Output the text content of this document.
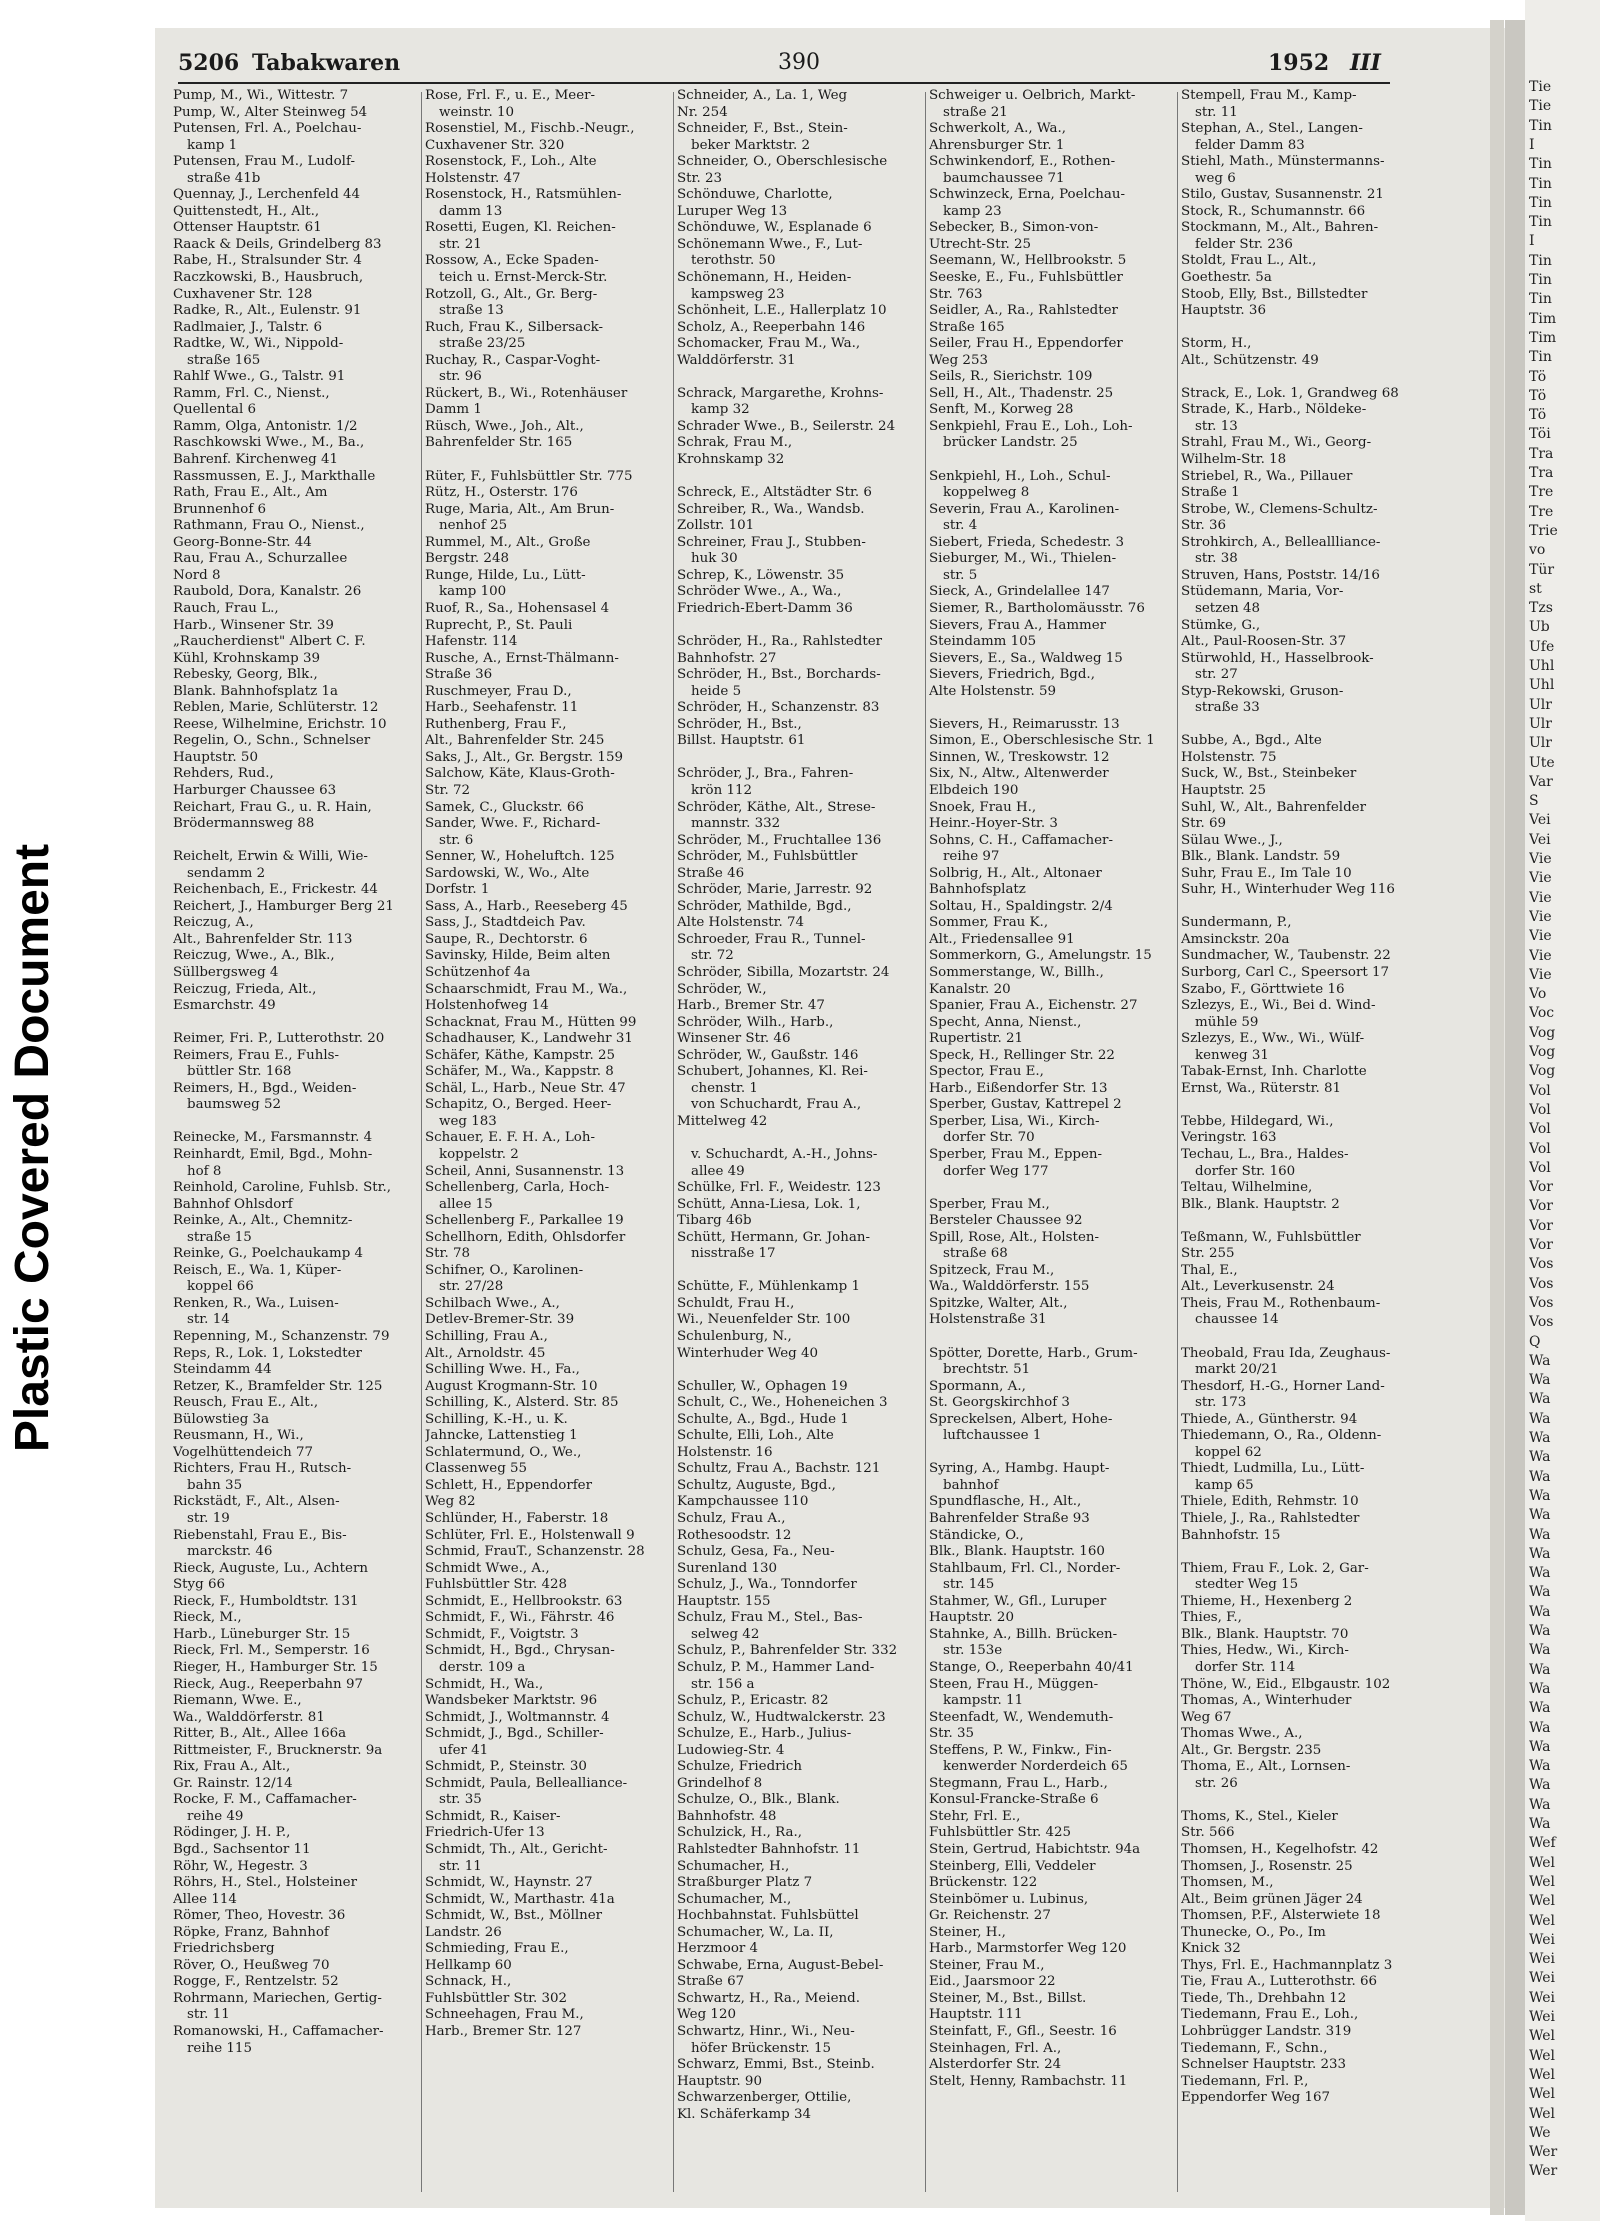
Plastic Covered Document
Tie
Tie
Tin
I
Tin
Tin
Tin
Tin
I
Tin
Tin
Tin
Tim
Tim
Tin
Tö
Tö
Tö
Töi
Tra
Tra
Tre
Tre
Trie
vo
Tür
st
Tzs
Ub
Ufe
Uhl
Uhl
Ulr
Ulr
Ulr
Ute
Var
S
Vei
Vei
Vie
Vie
Vie
Vie
Vie
Vie
Vie
Vo
Voc
Vog
Vog
Vog
Vol
Vol
Vol
Vol
Vol
Vor
Vor
Vor
Vor
Vos
Vos
Vos
Vos
Q
Wa
Wa
Wa
Wa
Wa
Wa
Wa
Wa
Wa
Wa
Wa
Wa
Wa
Wa
Wa
Wa
Wa
Wa
Wa
Wa
Wa
Wa
Wa
Wa
Wa
Wef
Wel
Wel
Wel
Wel
Wei
Wei
Wei
Wei
Wei
Wel
Wel
Wel
Wel
Wel
We
Wer
Wer
5206 Tabakwaren	390	1952 III
Pump, M., Wi., Wittestr. 7
Pump, W., Alter Steinweg 54
Putensen, Frl. A., Poelchau-
kamp 1
Putensen, Frau M., Ludolf-
straße 41b
Quennay, J., Lerchenfeld 44
Quittenstedt, H., Alt.,
Ottenser Hauptstr. 61
Raack & Deils, Grindelberg 83
Rabe, H., Stralsunder Str. 4
Raczkowski, B., Hausbruch,
Cuxhavener Str. 128
Radke, R., Alt., Eulenstr. 91
Radlmaier, J., Talstr. 6
Radtke, W., Wi., Nippold-
straße 165
Rahlf Wwe., G., Talstr. 91
Ramm, Frl. C., Nienst.,
Quellental 6
Ramm, Olga, Antonistr. 1/2
Raschkowski Wwe., M., Ba.,
Bahrenf. Kirchenweg 41
Rassmussen, E. J., Markthalle
Rath, Frau E., Alt., Am
Brunnenhof 6
Rathmann, Frau O., Nienst.,
Georg-Bonne-Str. 44
Rau, Frau A., Schurzallee
Nord 8
Raubold, Dora, Kanalstr. 26
Rauch, Frau L.,
Harb., Winsener Str. 39
„Raucherdienst" Albert C. F.
Kühl, Krohnskamp 39
Rebesky, Georg, Blk.,
Blank. Bahnhofsplatz 1a
Reblen, Marie, Schlüterstr. 12
Reese, Wilhelmine, Erichstr. 10
Regelin, O., Schn., Schnelser
Hauptstr. 50
Rehders, Rud.,
Harburger Chaussee 63
Reichart, Frau G., u. R. Hain,
Brödermannsweg 88
Reichelt, Erwin & Willi, Wie-
sendamm 2
Reichenbach, E., Frickestr. 44
Reichert, J., Hamburger Berg 21
Reiczug, A.,
Alt., Bahrenfelder Str. 113
Reiczug, Wwe., A., Blk.,
Süllbergsweg 4
Reiczug, Frieda, Alt.,
Esmarchstr. 49
Reimer, Fri. P., Lutterothstr. 20
Reimers, Frau E., Fuhls-
büttler Str. 168
Reimers, H., Bgd., Weiden-
baumsweg 52
Reinecke, M., Farsmannstr. 4
Reinhardt, Emil, Bgd., Mohn-
hof 8
Reinhold, Caroline, Fuhlsb. Str.,
Bahnhof Ohlsdorf
Reinke, A., Alt., Chemnitz-
straße 15
Reinke, G., Poelchaukamp 4
Reisch, E., Wa. 1, Küper-
koppel 66
Renken, R., Wa., Luisen-
str. 14
Repenning, M., Schanzenstr. 79
Reps, R., Lok. 1, Lokstedter
Steindamm 44
Retzer, K., Bramfelder Str. 125
Reusch, Frau E., Alt.,
Bülowstieg 3a
Reusmann, H., Wi.,
Vogelhüttendeich 77
Richters, Frau H., Rutsch-
bahn 35
Rickstädt, F., Alt., Alsen-
str. 19
Riebenstahl, Frau E., Bis-
marckstr. 46
Rieck, Auguste, Lu., Achtern
Styg 66
Rieck, F., Humboldtstr. 131
Rieck, M.,
Harb., Lüneburger Str. 15
Rieck, Frl. M., Semperstr. 16
Rieger, H., Hamburger Str. 15
Rieck, Aug., Reeperbahn 97
Riemann, Wwe. E.,
Wa., Walddörferstr. 81
Ritter, B., Alt., Allee 166a
Rittmeister, F., Brucknerstr. 9a
Rix, Frau A., Alt.,
Gr. Rainstr. 12/14
Rocke, F. M., Caffamacher-
reihe 49
Rödinger, J. H. P.,
Bgd., Sachsentor 11
Röhr, W., Hegestr. 3
Röhrs, H., Stel., Holsteiner
Allee 114
Römer, Theo, Hovestr. 36
Röpke, Franz, Bahnhof
Friedrichsberg
Röver, O., Heußweg 70
Rogge, F., Rentzelstr. 52
Rohrmann, Mariechen, Gertig-
str. 11
Romanowski, H., Caffamacher-
reihe 115
Rose, Frl. F., u. E., Meer-
weinstr. 10
Rosenstiel, M., Fischb.-Neugr.,
Cuxhavener Str. 320
Rosenstock, F., Loh., Alte
Holstenstr. 47
Rosenstock, H., Ratsmühlen-
damm 13
Rosetti, Eugen, Kl. Reichen-
str. 21
Rossow, A., Ecke Spaden-
teich u. Ernst-Merck-Str.
Rotzoll, G., Alt., Gr. Berg-
straße 13
Ruch, Frau K., Silbersack-
straße 23/25
Ruchay, R., Caspar-Voght-
str. 96
Rückert, B., Wi., Rotenhäuser
Damm 1
Rüsch, Wwe., Joh., Alt.,
Bahrenfelder Str. 165
Rüter, F., Fuhlsbüttler Str. 775
Rütz, H., Osterstr. 176
Ruge, Maria, Alt., Am Brun-
nenhof 25
Rummel, M., Alt., Große
Bergstr. 248
Runge, Hilde, Lu., Lütt-
kamp 100
Ruof, R., Sa., Hohensasel 4
Ruprecht, P., St. Pauli
Hafenstr. 114
Rusche, A., Ernst-Thälmann-
Straße 36
Ruschmeyer, Frau D.,
Harb., Seehafenstr. 11
Ruthenberg, Frau F.,
Alt., Bahrenfelder Str. 245
Saks, J., Alt., Gr. Bergstr. 159
Salchow, Käte, Klaus-Groth-
Str. 72
Samek, C., Gluckstr. 66
Sander, Wwe. F., Richard-
str. 6
Senner, W., Hoheluftch. 125
Sardowski, W., Wo., Alte
Dorfstr. 1
Sass, A., Harb., Reeseberg 45
Sass, J., Stadtdeich Pav.
Saupe, R., Dechtorstr. 6
Savinsky, Hilde, Beim alten
Schützenhof 4a
Schaarschmidt, Frau M., Wa.,
Holstenhofweg 14
Schacknat, Frau M., Hütten 99
Schadhauser, K., Landwehr 31
Schäfer, Käthe, Kampstr. 25
Schäfer, M., Wa., Kappstr. 8
Schäl, L., Harb., Neue Str. 47
Schapitz, O., Berged. Heer-
weg 183
Schauer, E. F. H. A., Loh-
koppelstr. 2
Scheil, Anni, Susannenstr. 13
Schellenberg, Carla, Hoch-
allee 15
Schellenberg F., Parkallee 19
Schellhorn, Edith, Ohlsdorfer
Str. 78
Schifner, O., Karolinen-
str. 27/28
Schilbach Wwe., A.,
Detlev-Bremer-Str. 39
Schilling, Frau A.,
Alt., Arnoldstr. 45
Schilling Wwe. H., Fa.,
August Krogmann-Str. 10
Schilling, K., Alsterd. Str. 85
Schilling, K.-H., u. K.
Jahncke, Lattenstieg 1
Schlatermund, O., We.,
Classenweg 55
Schlett, H., Eppendorfer
Weg 82
Schlünder, H., Faberstr. 18
Schlüter, Frl. E., Holstenwall 9
Schmid, FrauT., Schanzenstr. 28
Schmidt Wwe., A.,
Fuhlsbüttler Str. 428
Schmidt, E., Hellbrookstr. 63
Schmidt, F., Wi., Fährstr. 46
Schmidt, F., Voigtstr. 3
Schmidt, H., Bgd., Chrysan-
derstr. 109 a
Schmidt, H., Wa.,
Wandsbeker Marktstr. 96
Schmidt, J., Woltmannstr. 4
Schmidt, J., Bgd., Schiller-
ufer 41
Schmidt, P., Steinstr. 30
Schmidt, Paula, Bellealliance-
str. 35
Schmidt, R., Kaiser-
Friedrich-Ufer 13
Schmidt, Th., Alt., Gericht-
str. 11
Schmidt, W., Haynstr. 27
Schmidt, W., Marthastr. 41a
Schmidt, W., Bst., Möllner
Landstr. 26
Schmieding, Frau E.,
Hellkamp 60
Schnack, H.,
Fuhlsbüttler Str. 302
Schneehagen, Frau M.,
Harb., Bremer Str. 127
Schneider, A., La. 1, Weg
Nr. 254
Schneider, F., Bst., Stein-
beker Marktstr. 2
Schneider, O., Oberschlesische
Str. 23
Schönduwe, Charlotte,
Luruper Weg 13
Schönduwe, W., Esplanade 6
Schönemann Wwe., F., Lut-
terothstr. 50
Schönemann, H., Heiden-
kampsweg 23
Schönheit, L.E., Hallerplatz 10
Scholz, A., Reeperbahn 146
Schomacker, Frau M., Wa.,
Walddörferstr. 31
Schrack, Margarethe, Krohns-
kamp 32
Schrader Wwe., B., Seilerstr. 24
Schrak, Frau M.,
Krohnskamp 32
Schreck, E., Altstädter Str. 6
Schreiber, R., Wa., Wandsb.
Zollstr. 101
Schreiner, Frau J., Stubben-
huk 30
Schrep, K., Löwenstr. 35
Schröder Wwe., A., Wa.,
Friedrich-Ebert-Damm 36
Schröder, H., Ra., Rahlstedter
Bahnhofstr. 27
Schröder, H., Bst., Borchards-
heide 5
Schröder, H., Schanzenstr. 83
Schröder, H., Bst.,
Billst. Hauptstr. 61
Schröder, J., Bra., Fahren-
krön 112
Schröder, Käthe, Alt., Strese-
mannstr. 332
Schröder, M., Fruchtallee 136
Schröder, M., Fuhlsbüttler
Straße 46
Schröder, Marie, Jarrestr. 92
Schröder, Mathilde, Bgd.,
Alte Holstenstr. 74
Schroeder, Frau R., Tunnel-
str. 72
Schröder, Sibilla, Mozartstr. 24
Schröder, W.,
Harb., Bremer Str. 47
Schröder, Wilh., Harb.,
Winsener Str. 46
Schröder, W., Gaußstr. 146
Schubert, Johannes, Kl. Rei-
chenstr. 1
von Schuchardt, Frau A.,
Mittelweg 42
v. Schuchardt, A.-H., Johns-
allee 49
Schülke, Frl. F., Weidestr. 123
Schütt, Anna-Liesa, Lok. 1,
Tibarg 46b
Schütt, Hermann, Gr. Johan-
nisstraße 17
Schütte, F., Mühlenkamp 1
Schuldt, Frau H.,
Wi., Neuenfelder Str. 100
Schulenburg, N.,
Winterhuder Weg 40
Schuller, W., Ophagen 19
Schult, C., We., Hoheneichen 3
Schulte, A., Bgd., Hude 1
Schulte, Elli, Loh., Alte
Holstenstr. 16
Schultz, Frau A., Bachstr. 121
Schultz, Auguste, Bgd.,
Kampchaussee 110
Schulz, Frau A.,
Rothesoodstr. 12
Schulz, Gesa, Fa., Neu-
Surenland 130
Schulz, J., Wa., Tonndorfer
Hauptstr. 155
Schulz, Frau M., Stel., Bas-
selweg 42
Schulz, P., Bahrenfelder Str. 332
Schulz, P. M., Hammer Land-
str. 156 a
Schulz, P., Ericastr. 82
Schulz, W., Hudtwalckerstr. 23
Schulze, E., Harb., Julius-
Ludowieg-Str. 4
Schulze, Friedrich
Grindelhof 8
Schulze, O., Blk., Blank.
Bahnhofstr. 48
Schulzick, H., Ra.,
Rahlstedter Bahnhofstr. 11
Schumacher, H.,
Straßburger Platz 7
Schumacher, M.,
Hochbahnstat. Fuhlsbüttel
Schumacher, W., La. II,
Herzmoor 4
Schwabe, Erna, August-Bebel-
Straße 67
Schwartz, H., Ra., Meiend.
Weg 120
Schwartz, Hinr., Wi., Neu-
höfer Brückenstr. 15
Schwarz, Emmi, Bst., Steinb.
Hauptstr. 90
Schwarzenberger, Ottilie,
Kl. Schäferkamp 34
Schweiger u. Oelbrich, Markt-
straße 21
Schwerkolt, A., Wa.,
Ahrensburger Str. 1
Schwinkendorf, E., Rothen-
baumchaussee 71
Schwinzeck, Erna, Poelchau-
kamp 23
Sebecker, B., Simon-von-
Utrecht-Str. 25
Seemann, W., Hellbrookstr. 5
Seeske, E., Fu., Fuhlsbüttler
Str. 763
Seidler, A., Ra., Rahlstedter
Straße 165
Seiler, Frau H., Eppendorfer
Weg 253
Seils, R., Sierichstr. 109
Sell, H., Alt., Thadenstr. 25
Senft, M., Korweg 28
Senkpiehl, Frau E., Loh., Loh-
brücker Landstr. 25
Senkpiehl, H., Loh., Schul-
koppelweg 8
Severin, Frau A., Karolinen-
str. 4
Siebert, Frieda, Schedestr. 3
Sieburger, M., Wi., Thielen-
str. 5
Sieck, A., Grindelallee 147
Siemer, R., Bartholomäusstr. 76
Sievers, Frau A., Hammer
Steindamm 105
Sievers, E., Sa., Waldweg 15
Sievers, Friedrich, Bgd.,
Alte Holstenstr. 59
Sievers, H., Reimarusstr. 13
Simon, E., Oberschlesische Str. 1
Sinnen, W., Treskowstr. 12
Six, N., Altw., Altenwerder
Elbdeich 190
Snoek, Frau H.,
Heinr.-Hoyer-Str. 3
Sohns, C. H., Caffamacher-
reihe 97
Solbrig, H., Alt., Altonaer
Bahnhofsplatz
Soltau, H., Spaldingstr. 2/4
Sommer, Frau K.,
Alt., Friedensallee 91
Sommerkorn, G., Amelungstr. 15
Sommerstange, W., Billh.,
Kanalstr. 20
Spanier, Frau A., Eichenstr. 27
Specht, Anna, Nienst.,
Rupertistr. 21
Speck, H., Rellinger Str. 22
Spector, Frau E.,
Harb., Eißendorfer Str. 13
Sperber, Gustav, Kattrepel 2
Sperber, Lisa, Wi., Kirch-
dorfer Str. 70
Sperber, Frau M., Eppen-
dorfer Weg 177
Sperber, Frau M.,
Bersteler Chaussee 92
Spill, Rose, Alt., Holsten-
straße 68
Spitzeck, Frau M.,
Wa., Walddörferstr. 155
Spitzke, Walter, Alt.,
Holstenstraße 31
Spötter, Dorette, Harb., Grum-
brechtstr. 51
Spormann, A.,
St. Georgskirchhof 3
Spreckelsen, Albert, Hohe-
luftchaussee 1
Syring, A., Hambg. Haupt-
bahnhof
Spundflasche, H., Alt.,
Bahrenfelder Straße 93
Ständicke, O.,
Blk., Blank. Hauptstr. 160
Stahlbaum, Frl. Cl., Norder-
str. 145
Stahmer, W., Gfl., Luruper
Hauptstr. 20
Stahnke, A., Billh. Brücken-
str. 153e
Stange, O., Reeperbahn 40/41
Steen, Frau H., Müggen-
kampstr. 11
Steenfadt, W., Wendemuth-
Str. 35
Steffens, P. W., Finkw., Fin-
kenwerder Norderdeich 65
Stegmann, Frau L., Harb.,
Konsul-Francke-Straße 6
Stehr, Frl. E.,
Fuhlsbüttler Str. 425
Stein, Gertrud, Habichtstr. 94a
Steinberg, Elli, Veddeler
Brückenstr. 122
Steinbömer u. Lubinus,
Gr. Reichenstr. 27
Steiner, H.,
Harb., Marmstorfer Weg 120
Steiner, Frau M.,
Eid., Jaarsmoor 22
Steiner, M., Bst., Billst.
Hauptstr. 111
Steinfatt, F., Gfl., Seestr. 16
Steinhagen, Frl. A.,
Alsterdorfer Str. 24
Stelt, Henny, Rambachstr. 11
Stempell, Frau M., Kamp-
str. 11
Stephan, A., Stel., Langen-
felder Damm 83
Stiehl, Math., Münstermanns-
weg 6
Stilo, Gustav, Susannenstr. 21
Stock, R., Schumannstr. 66
Stockmann, M., Alt., Bahren-
felder Str. 236
Stoldt, Frau L., Alt.,
Goethestr. 5a
Stoob, Elly, Bst., Billstedter
Hauptstr. 36
Storm, H.,
Alt., Schützenstr. 49
Strack, E., Lok. 1, Grandweg 68
Strade, K., Harb., Nöldeke-
str. 13
Strahl, Frau M., Wi., Georg-
Wilhelm-Str. 18
Striebel, R., Wa., Pillauer
Straße 1
Strobe, W., Clemens-Schultz-
Str. 36
Strohkirch, A., Belleallliance-
str. 38
Struven, Hans, Poststr. 14/16
Stüdemann, Maria, Vor-
setzen 48
Stümke, G.,
Alt., Paul-Roosen-Str. 37
Stürwohld, H., Hasselbrook-
str. 27
Styp-Rekowski, Gruson-
straße 33
Subbe, A., Bgd., Alte
Holstenstr. 75
Suck, W., Bst., Steinbeker
Hauptstr. 25
Suhl, W., Alt., Bahrenfelder
Str. 69
Sülau Wwe., J.,
Blk., Blank. Landstr. 59
Suhr, Frau E., Im Tale 10
Suhr, H., Winterhuder Weg 116
Sundermann, P.,
Amsinckstr. 20a
Sundmacher, W., Taubenstr. 22
Surborg, Carl C., Speersort 17
Szabo, F., Görttwiete 16
Szlezys, E., Wi., Bei d. Wind-
mühle 59
Szlezys, E., Ww., Wi., Wülf-
kenweg 31
Tabak-Ernst, Inh. Charlotte
Ernst, Wa., Rüterstr. 81
Tebbe, Hildegard, Wi.,
Veringstr. 163
Techau, L., Bra., Haldes-
dorfer Str. 160
Teltau, Wilhelmine,
Blk., Blank. Hauptstr. 2
Teßmann, W., Fuhlsbüttler
Str. 255
Thal, E.,
Alt., Leverkusenstr. 24
Theis, Frau M., Rothenbaum-
chaussee 14
Theobald, Frau Ida, Zeughaus-
markt 20/21
Thesdorf, H.-G., Horner Land-
str. 173
Thiede, A., Güntherstr. 94
Thiedemann, O., Ra., Oldenn-
koppel 62
Thiedt, Ludmilla, Lu., Lütt-
kamp 65
Thiele, Edith, Rehmstr. 10
Thiele, J., Ra., Rahlstedter
Bahnhofstr. 15
Thiem, Frau F., Lok. 2, Gar-
stedter Weg 15
Thieme, H., Hexenberg 2
Thies, F.,
Blk., Blank. Hauptstr. 70
Thies, Hedw., Wi., Kirch-
dorfer Str. 114
Thöne, W., Eid., Elbgaustr. 102
Thomas, A., Winterhuder
Weg 67
Thomas Wwe., A.,
Alt., Gr. Bergstr. 235
Thoma, E., Alt., Lornsen-
str. 26
Thoms, K., Stel., Kieler
Str. 566
Thomsen, H., Kegelhofstr. 42
Thomsen, J., Rosenstr. 25
Thomsen, M.,
Alt., Beim grünen Jäger 24
Thomsen, P.F., Alsterwiete 18
Thunecke, O., Po., Im
Knick 32
Thys, Frl. E., Hachmannplatz 3
Tie, Frau A., Lutterothstr. 66
Tiede, Th., Drehbahn 12
Tiedemann, Frau E., Loh.,
Lohbrügger Landstr. 319
Tiedemann, F., Schn.,
Schnelser Hauptstr. 233
Tiedemann, Frl. P.,
Eppendorfer Weg 167
